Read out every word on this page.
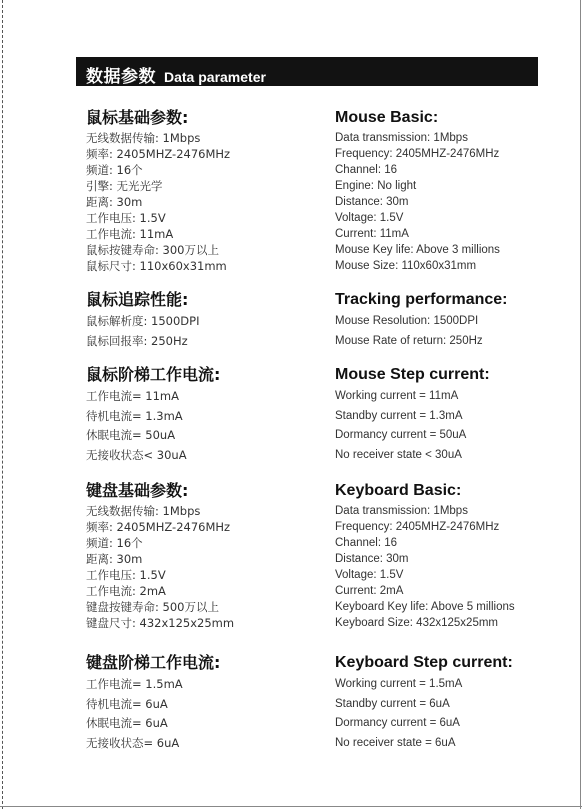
数据参数 Data parameter
鼠标基础参数:
无线数据传输: 1Mbps
频率: 2405MHZ-2476MHz
频道: 16个
引擎: 无光光学
距离: 30m
工作电压: 1.5V
工作电流: 11mA
鼠标按键寿命: 300万以上
鼠标尺寸: 110x60x31mm
鼠标追踪性能:
鼠标解析度: 1500DPI
鼠标回报率: 250Hz
鼠标阶梯工作电流:
工作电流= 11mA
待机电流= 1.3mA
休眠电流= 50uA
无接收状态< 30uA
键盘基础参数:
无线数据传输: 1Mbps
频率: 2405MHZ-2476MHz
频道: 16个
距离: 30m
工作电压: 1.5V
工作电流: 2mA
键盘按键寿命: 500万以上
键盘尺寸: 432x125x25mm
键盘阶梯工作电流:
工作电流= 1.5mA
待机电流= 6uA
休眠电流= 6uA
无接收状态= 6uA
Mouse Basic:
Data transmission: 1Mbps
Frequency: 2405MHZ-2476MHz
Channel: 16
Engine: No light
Distance: 30m
Voltage: 1.5V
Current: 11mA
Mouse Key life: Above 3 millions
Mouse Size: 110x60x31mm
Tracking performance:
Mouse Resolution: 1500DPI
Mouse Rate of return: 250Hz
Mouse Step current:
Working current = 11mA
Standby current = 1.3mA
Dormancy current = 50uA
No receiver state < 30uA
Keyboard Basic:
Data transmission: 1Mbps
Frequency: 2405MHZ-2476MHz
Channel: 16
Distance: 30m
Voltage: 1.5V
Current: 2mA
Keyboard Key life: Above 5 millions
Keyboard Size: 432x125x25mm
Keyboard Step current:
Working current = 1.5mA
Standby current = 6uA
Dormancy current = 6uA
No receiver state = 6uA
